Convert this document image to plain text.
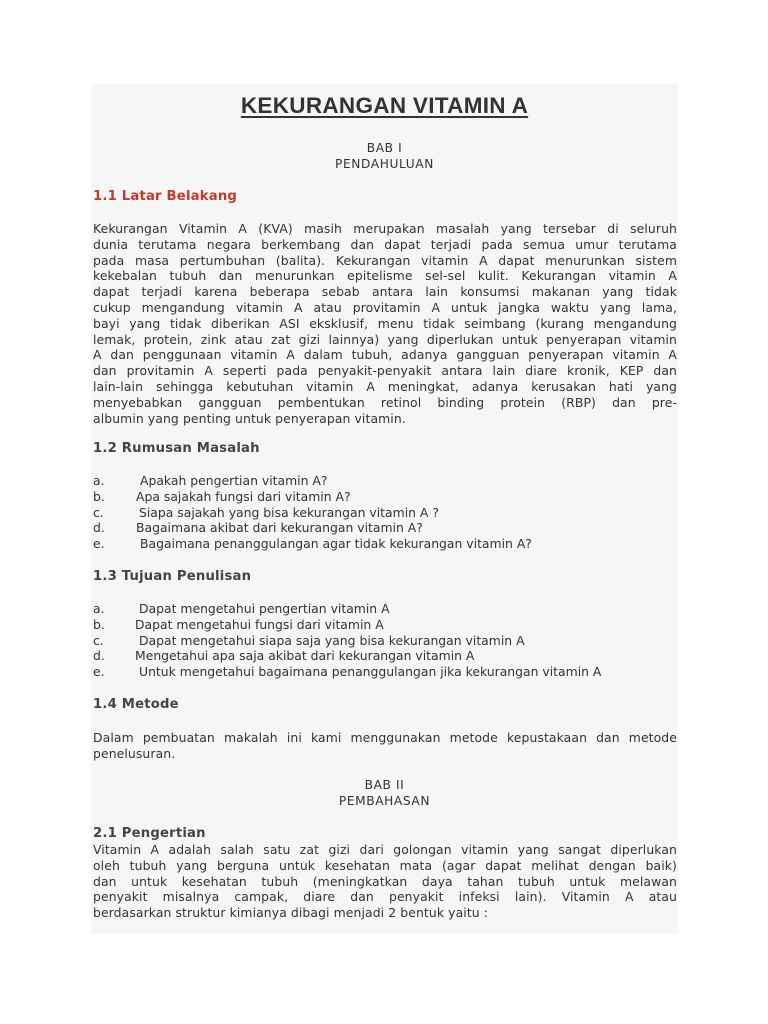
KEKURANGAN VITAMIN A
BAB I
PENDAHULUAN
1.1 Latar Belakang
Kekurangan Vitamin A (KVA) masih merupakan masalah yang tersebar di seluruh
dunia terutama negara berkembang dan dapat terjadi pada semua umur terutama
pada masa pertumbuhan (balita). Kekurangan vitamin A dapat menurunkan sistem
kekebalan tubuh dan menurunkan epitelisme sel-sel kulit. Kekurangan vitamin A
dapat terjadi karena beberapa sebab antara lain konsumsi makanan yang tidak
cukup mengandung vitamin A atau provitamin A untuk jangka waktu yang lama,
bayi yang tidak diberikan ASI eksklusif, menu tidak seimbang (kurang mengandung
lemak, protein, zink atau zat gizi lainnya) yang diperlukan untuk penyerapan vitamin
A dan penggunaan vitamin A dalam tubuh, adanya gangguan penyerapan vitamin A
dan provitamin A seperti pada penyakit-penyakit antara lain diare kronik, KEP dan
lain-lain sehingga kebutuhan vitamin A meningkat, adanya kerusakan hati yang
menyebabkan gangguan pembentukan retinol binding protein (RBP) dan pre-
albumin yang penting untuk penyerapan vitamin.
1.2 Rumusan Masalah
a.	Apakah pengertian vitamin A?
b.	Apa sajakah fungsi dari vitamin A?
c.	Siapa sajakah yang bisa kekurangan vitamin A ?
d.	Bagaimana akibat dari kekurangan vitamin A?
e.	Bagaimana penanggulangan agar tidak kekurangan vitamin A?
1.3 Tujuan Penulisan
a.	Dapat mengetahui pengertian vitamin A
b. Dapat mengetahui fungsi dari vitamin A
c.	Dapat mengetahui siapa saja yang bisa kekurangan vitamin A
d. Mengetahui apa saja akibat dari kekurangan vitamin A
e.	Untuk mengetahui bagaimana penanggulangan jika kekurangan vitamin A
1.4 Metode
Dalam pembuatan makalah ini kami menggunakan metode kepustakaan dan metode
penelusuran.
BAB II
PEMBAHASAN
2.1 Pengertian
Vitamin A adalah salah satu zat gizi dari golongan vitamin yang sangat diperlukan
oleh tubuh yang berguna untuk kesehatan mata (agar dapat melihat dengan baik)
dan untuk kesehatan tubuh (meningkatkan daya tahan tubuh untuk melawan
penyakit misalnya campak, diare dan penyakit infeksi lain). Vitamin A atau
berdasarkan struktur kimianya dibagi menjadi 2 bentuk yaitu :
